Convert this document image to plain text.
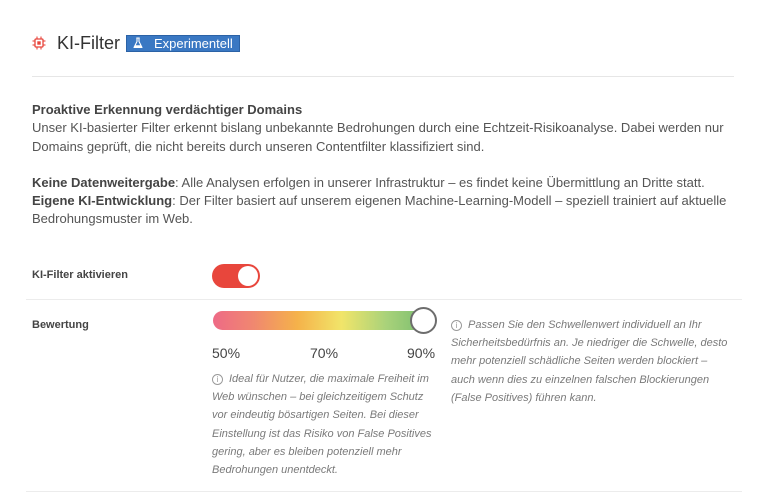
KI-Filter	Experimentell

Proaktive Erkennung verdächtiger Domains

Unser KI-basierter Filter erkennt bislang unbekannte Bedrohungen durch eine Echtzeit-Risikoanalyse. Dabei werden nur Domains geprüft, die nicht bereits durch unseren Contentfilter klassifiziert sind.

Keine Datenweitergabe: Alle Analysen erfolgen in unserer Infrastruktur – es findet keine Übermittlung an Dritte statt.

Eigene KI-Entwicklung: Der Filter basiert auf unserem eigenen Machine-Learning-Modell – speziell trainiert auf aktuelle Bedrohungsmuster im Web.

KI-Filter aktivieren
Bewertung
50%	70%	90%
i Ideal für Nutzer, die maximale Freiheit im Web wünschen – bei gleichzeitigem Schutz vor eindeutig bösartigen Seiten. Bei dieser Einstellung ist das Risiko von False Positives gering, aber es bleiben potenziell mehr Bedrohungen unentdeckt.
i Passen Sie den Schwellenwert individuell an Ihr Sicherheitsbedürfnis an. Je niedriger die Schwelle, desto mehr potenziell schädliche Seiten werden blockiert – auch wenn dies zu einzelnen falschen Blockierungen (False Positives) führen kann.
